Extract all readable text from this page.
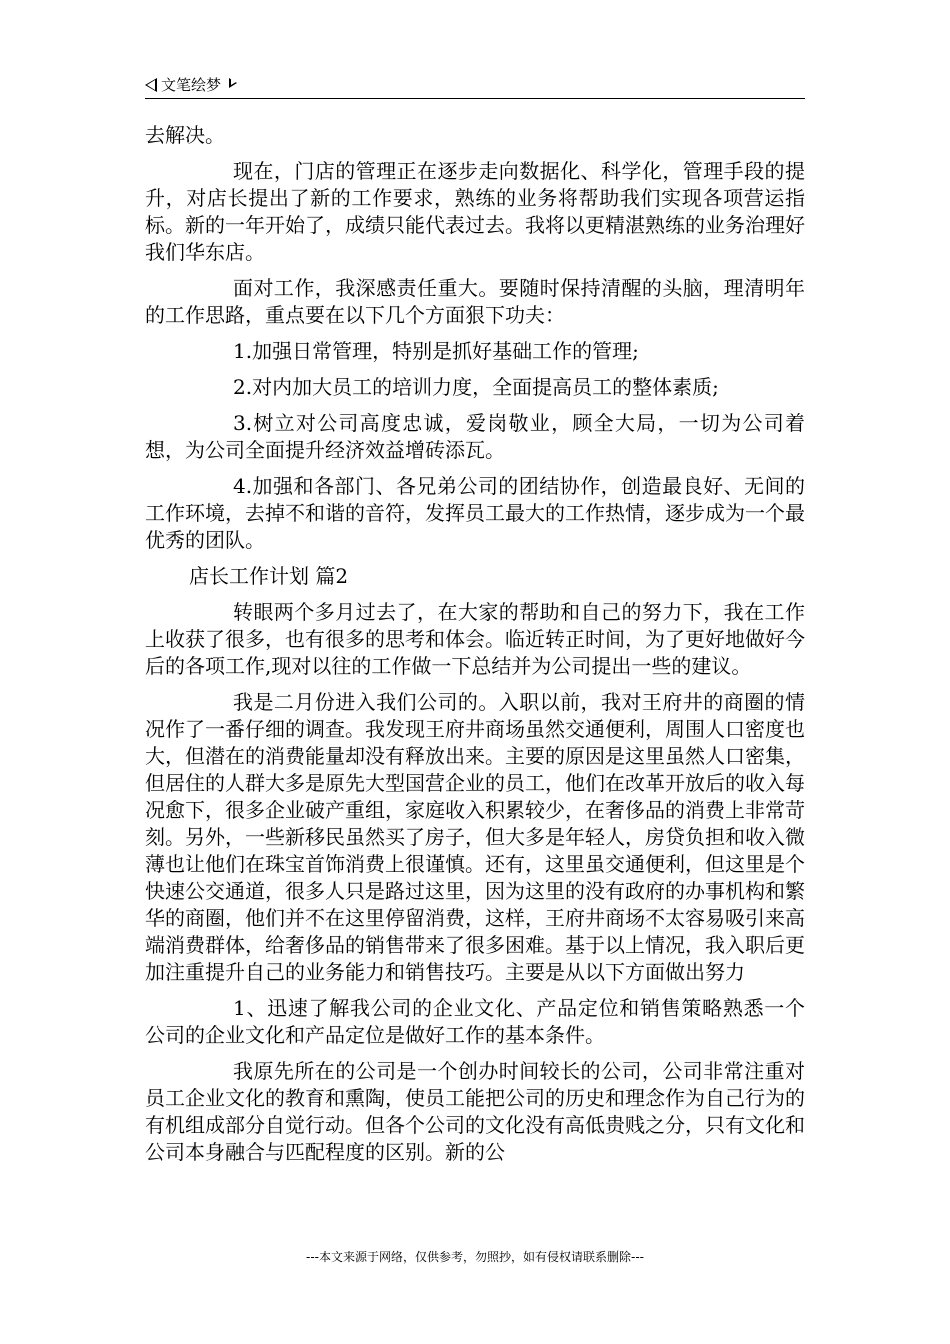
文笔绘梦

去解决。

现在，门店的管理正在逐步走向数据化、科学化，管理手段的提升，对店长提出了新的工作要求，熟练的业务将帮助我们实现各项营运指标。新的一年开始了，成绩只能代表过去。我将以更精湛熟练的业务治理好我们华东店。

面对工作，我深感责任重大。要随时保持清醒的头脑，理清明年的工作思路，重点要在以下几个方面狠下功夫：

1.加强日常管理，特别是抓好基础工作的管理;

2.对内加大员工的培训力度，全面提高员工的整体素质;

3.树立对公司高度忠诚，爱岗敬业，顾全大局，一切为公司着想，为公司全面提升经济效益增砖添瓦。

4.加强和各部门、各兄弟公司的团结协作，创造最良好、无间的工作环境，去掉不和谐的音符，发挥员工最大的工作热情，逐步成为一个最优秀的团队。

店长工作计划 篇2

转眼两个多月过去了，在大家的帮助和自己的努力下，我在工作上收获了很多，也有很多的思考和体会。临近转正时间，为了更好地做好今后的各项工作,现对以往的工作做一下总结并为公司提出一些的建议。

我是二月份进入我们公司的。入职以前，我对王府井的商圈的情况作了一番仔细的调查。我发现王府井商场虽然交通便利，周围人口密度也大，但潜在的消费能量却没有释放出来。主要的原因是这里虽然人口密集，但居住的人群大多是原先大型国营企业的员工，他们在改革开放后的收入每况愈下，很多企业破产重组，家庭收入积累较少，在奢侈品的消费上非常苛刻。另外，一些新移民虽然买了房子，但大多是年轻人，房贷负担和收入微薄也让他们在珠宝首饰消费上很谨慎。还有，这里虽交通便利，但这里是个快速公交通道，很多人只是路过这里，因为这里的没有政府的办事机构和繁华的商圈，他们并不在这里停留消费，这样，王府井商场不太容易吸引来高端消费群体，给奢侈品的销售带来了很多困难。基于以上情况，我入职后更加注重提升自己的业务能力和销售技巧。主要是从以下方面做出努力

1、迅速了解我公司的企业文化、产品定位和销售策略熟悉一个公司的企业文化和产品定位是做好工作的基本条件。

我原先所在的公司是一个创办时间较长的公司，公司非常注重对员工企业文化的教育和熏陶，使员工能把公司的历史和理念作为自己行为的有机组成部分自觉行动。但各个公司的文化没有高低贵贱之分，只有文化和公司本身融合与匹配程度的区别。新的公

---本文来源于网络，仅供参考，勿照抄，如有侵权请联系删除---
